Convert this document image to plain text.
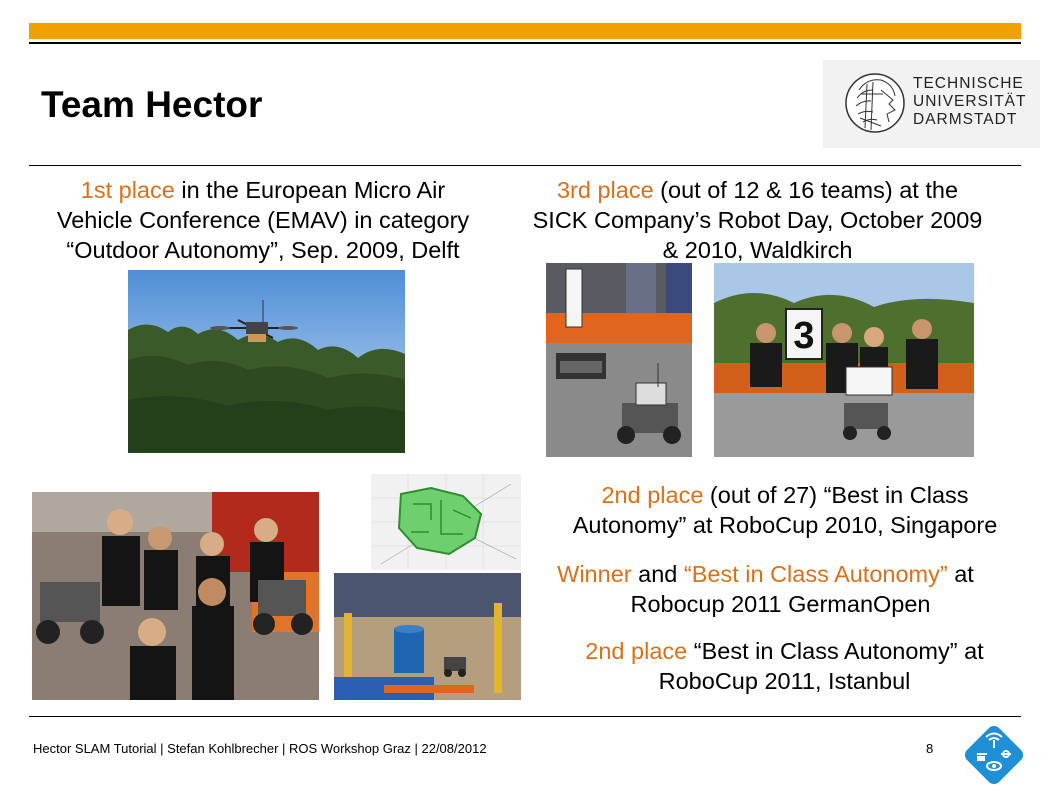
Team Hector
TECHNISCHE
UNIVERSITÄT
DARMSTADT
1st place in the European Micro Air
Vehicle Conference (EMAV) in category
“Outdoor Autonomy”, Sep. 2009, Delft
3rd place (out of 12 & 16 teams) at the
SICK Company’s Robot Day, October 2009
& 2010, Waldkirch
3
2nd place (out of 27) “Best in Class
Autonomy” at RoboCup 2010, Singapore
Winner and “Best in Class Autonomy” at
Robocup 2011 GermanOpen
2nd place “Best in Class Autonomy” at
RoboCup 2011, Istanbul
Hector SLAM Tutorial | Stefan Kohlbrecher | ROS Workshop Graz | 22/08/2012	8
